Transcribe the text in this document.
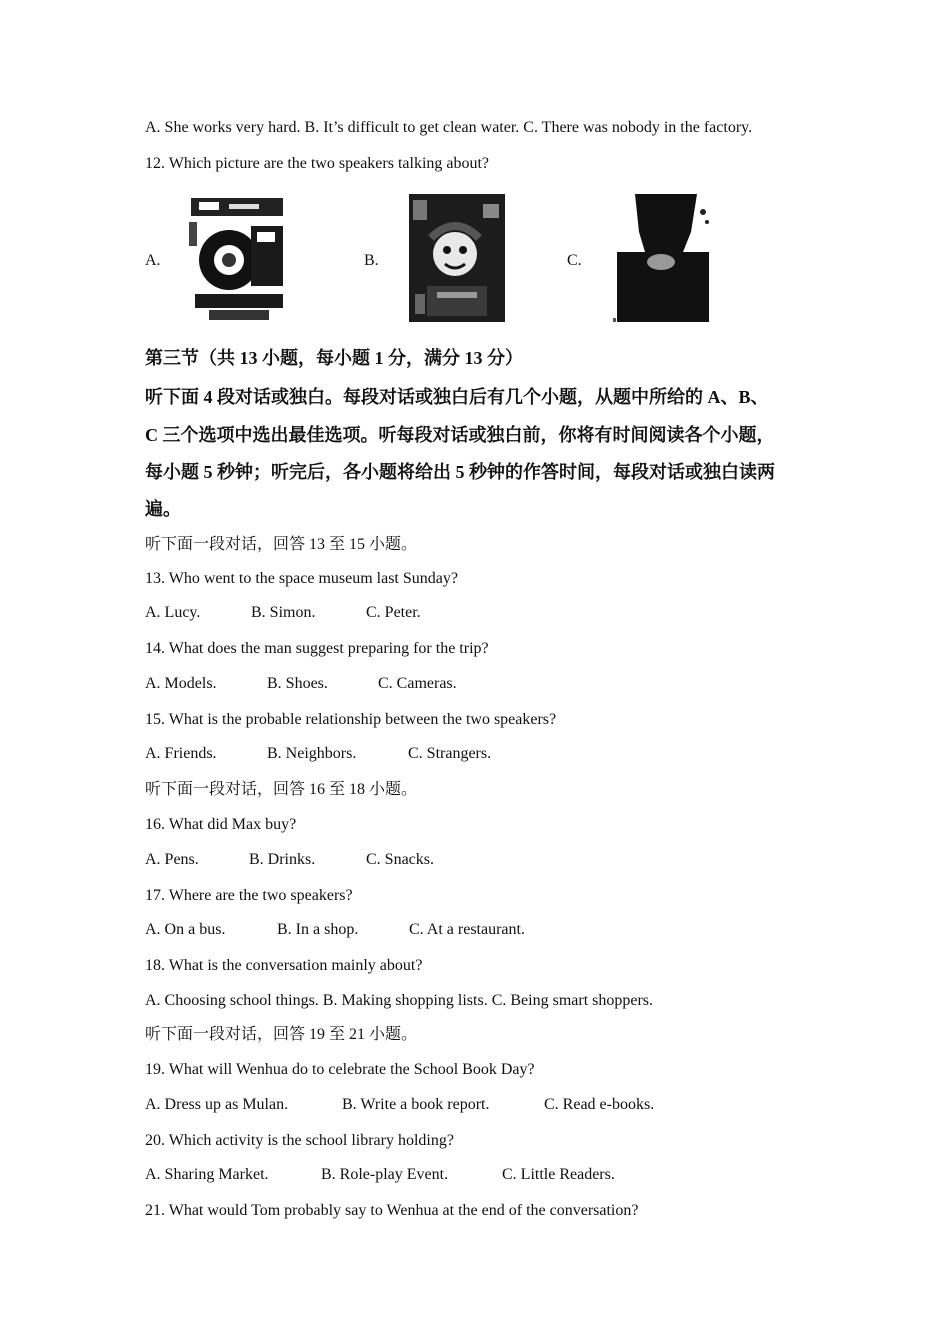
A. She works very hard. B. It’s difficult to get clean water. C. There was nobody in the factory.
12. Which picture are the two speakers talking about?
A.	B.	C.
第三节（共 13 小题，每小题 1 分，满分 13 分）
听下面 4 段对话或独白。每段对话或独白后有几个小题，从题中所给的 A、B、
C 三个选项中选出最佳选项。听每段对话或独白前，你将有时间阅读各个小题，
每小题 5 秒钟；听完后，各小题将给出 5 秒钟的作答时间，每段对话或独白读两
遍。
听下面一段对话，回答 13 至 15 小题。
13. Who went to the space museum last Sunday?
A. Lucy.	B. Simon.	C. Peter.
14. What does the man suggest preparing for the trip?
A. Models.	B. Shoes.	C. Cameras.
15. What is the probable relationship between the two speakers?
A. Friends.	B. Neighbors.	C. Strangers.
听下面一段对话，回答 16 至 18 小题。
16. What did Max buy?
A. Pens.	B. Drinks.	C. Snacks.
17. Where are the two speakers?
A. On a bus.	B. In a shop.	C. At a restaurant.
18. What is the conversation mainly about?
A. Choosing school things. B. Making shopping lists. C. Being smart shoppers.
听下面一段对话，回答 19 至 21 小题。
19. What will Wenhua do to celebrate the School Book Day?
A. Dress up as Mulan.	B. Write a book report.	C. Read e-books.
20. Which activity is the school library holding?
A. Sharing Market.	B. Role-play Event.	C. Little Readers.
21. What would Tom probably say to Wenhua at the end of the conversation?
